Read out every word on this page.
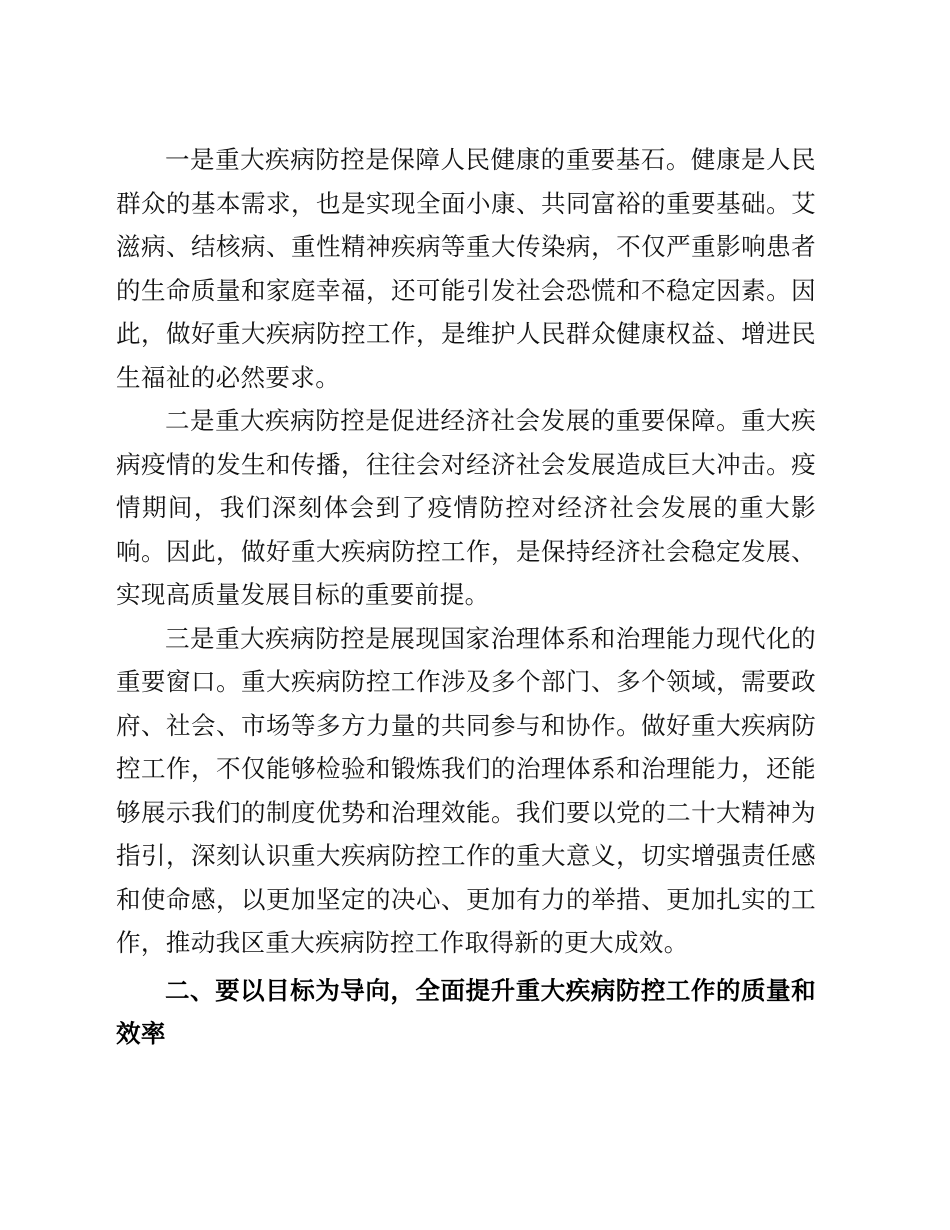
一是重大疾病防控是保障人民健康的重要基石。健康是人民群众的基本需求，也是实现全面小康、共同富裕的重要基础。艾滋病、结核病、重性精神疾病等重大传染病，不仅严重影响患者的生命质量和家庭幸福，还可能引发社会恐慌和不稳定因素。因此，做好重大疾病防控工作，是维护人民群众健康权益、增进民生福祉的必然要求。

二是重大疾病防控是促进经济社会发展的重要保障。重大疾病疫情的发生和传播，往往会对经济社会发展造成巨大冲击。疫情期间，我们深刻体会到了疫情防控对经济社会发展的重大影响。因此，做好重大疾病防控工作，是保持经济社会稳定发展、实现高质量发展目标的重要前提。

三是重大疾病防控是展现国家治理体系和治理能力现代化的重要窗口。重大疾病防控工作涉及多个部门、多个领域，需要政府、社会、市场等多方力量的共同参与和协作。做好重大疾病防控工作，不仅能够检验和锻炼我们的治理体系和治理能力，还能够展示我们的制度优势和治理效能。我们要以党的二十大精神为指引，深刻认识重大疾病防控工作的重大意义，切实增强责任感和使命感，以更加坚定的决心、更加有力的举措、更加扎实的工作，推动我区重大疾病防控工作取得新的更大成效。

二、要以目标为导向，全面提升重大疾病防控工作的质量和效率
